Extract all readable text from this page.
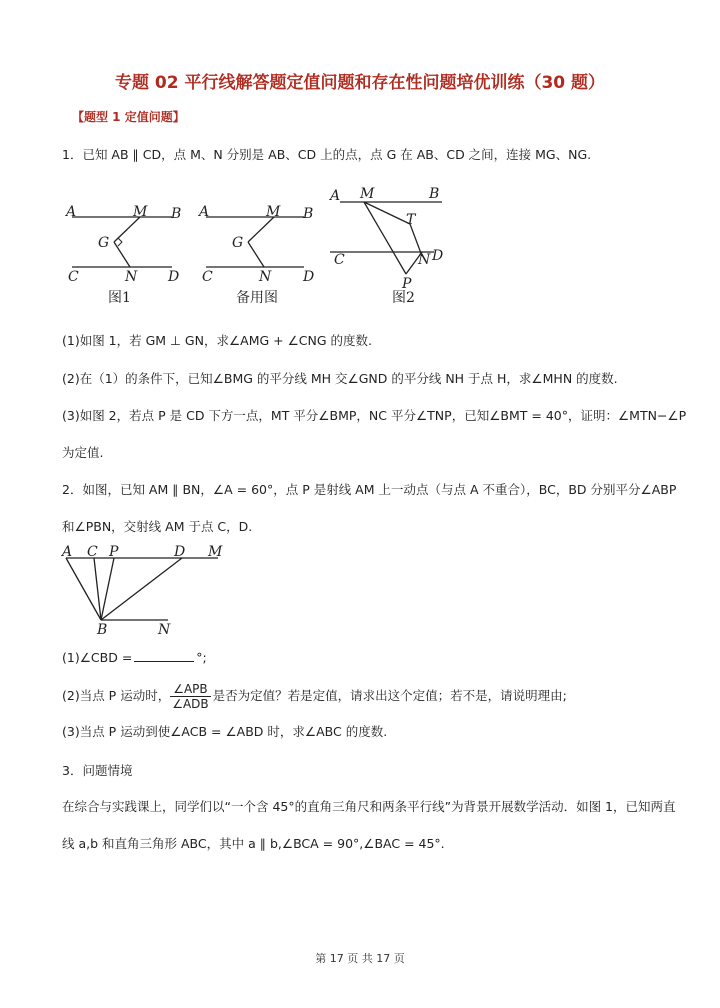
专题 02 平行线解答题定值问题和存在性问题培优训练（30 题）
【题型 1 定值问题】
1．已知 AB ∥ CD，点 M、N 分别是 AB、CD 上的点，点 G 在 AB、CD 之间，连接 MG、NG.
A	M B
G
C	N D
图1
A	M B
G
C	N D
备用图
A M	B
T
C	N D
P
图2
(1)如图 1，若 GM ⊥ GN，求∠AMG + ∠CNG 的度数.
(2)在（1）的条件下，已知∠BMG 的平分线 MH 交∠GND 的平分线 NH 于点 H，求∠MHN 的度数.
(3)如图 2，若点 P 是 CD 下方一点，MT 平分∠BMP，NC 平分∠TNP，已知∠BMT = 40°，证明：∠MTN−∠P
为定值.
2．如图，已知 AM ∥ BN，∠A = 60°，点 P 是射线 AM 上一动点（与点 A 不重合），BC，BD 分别平分∠ABP
和∠PBN，交射线 AM 于点 C，D.
A C P	D M
B	N
(1)∠CBD =	°;
(2)当点 P 运动时， $\frac{\text{∠APB}}{\text{∠ADB}}$ 是否为定值？若是定值，请求出这个定值；若不是，请说明理由;
(3)当点 P 运动到使∠ACB = ∠ABD 时，求∠ABC 的度数.
3．问题情境
在综合与实践课上，同学们以“一个含 45°的直角三角尺和两条平行线”为背景开展数学活动．如图 1，已知两直
线 a,b 和直角三角形 ABC，其中 a ∥ b,∠BCA = 90°,∠BAC = 45°.
第 17 页 共 17 页
